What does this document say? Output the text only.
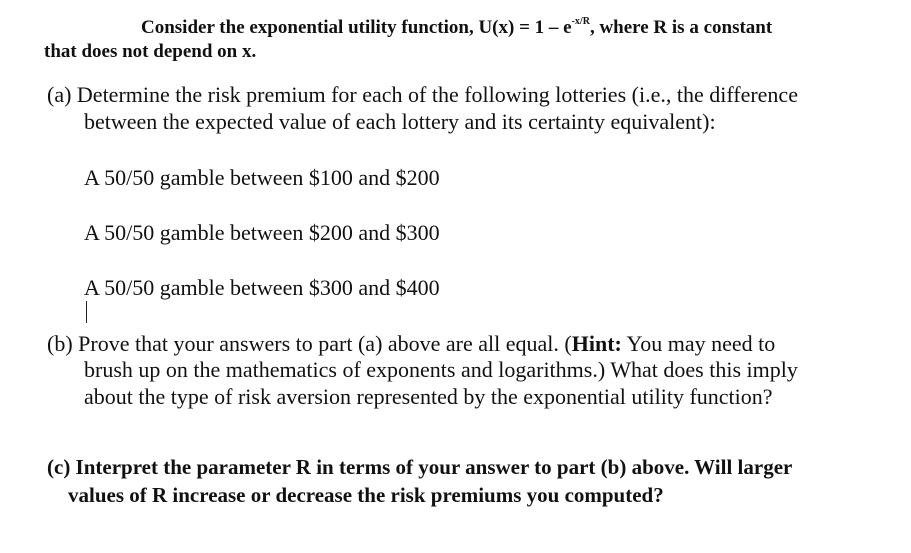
Consider the exponential utility function, $U(x) = 1 - e^{-x/R}$, where R is a constant
that does not depend on x.
(a) Determine the risk premium for each of the following lotteries (i.e., the difference
between the expected value of each lottery and its certainty equivalent):
A 50/50 gamble between $100 and $200
A 50/50 gamble between $200 and $300
A 50/50 gamble between $300 and $400
(b) Prove that your answers to part (a) above are all equal. (Hint: You may need to
brush up on the mathematics of exponents and logarithms.) What does this imply
about the type of risk aversion represented by the exponential utility function?
(c) Interpret the parameter R in terms of your answer to part (b) above. Will larger
values of R increase or decrease the risk premiums you computed?
